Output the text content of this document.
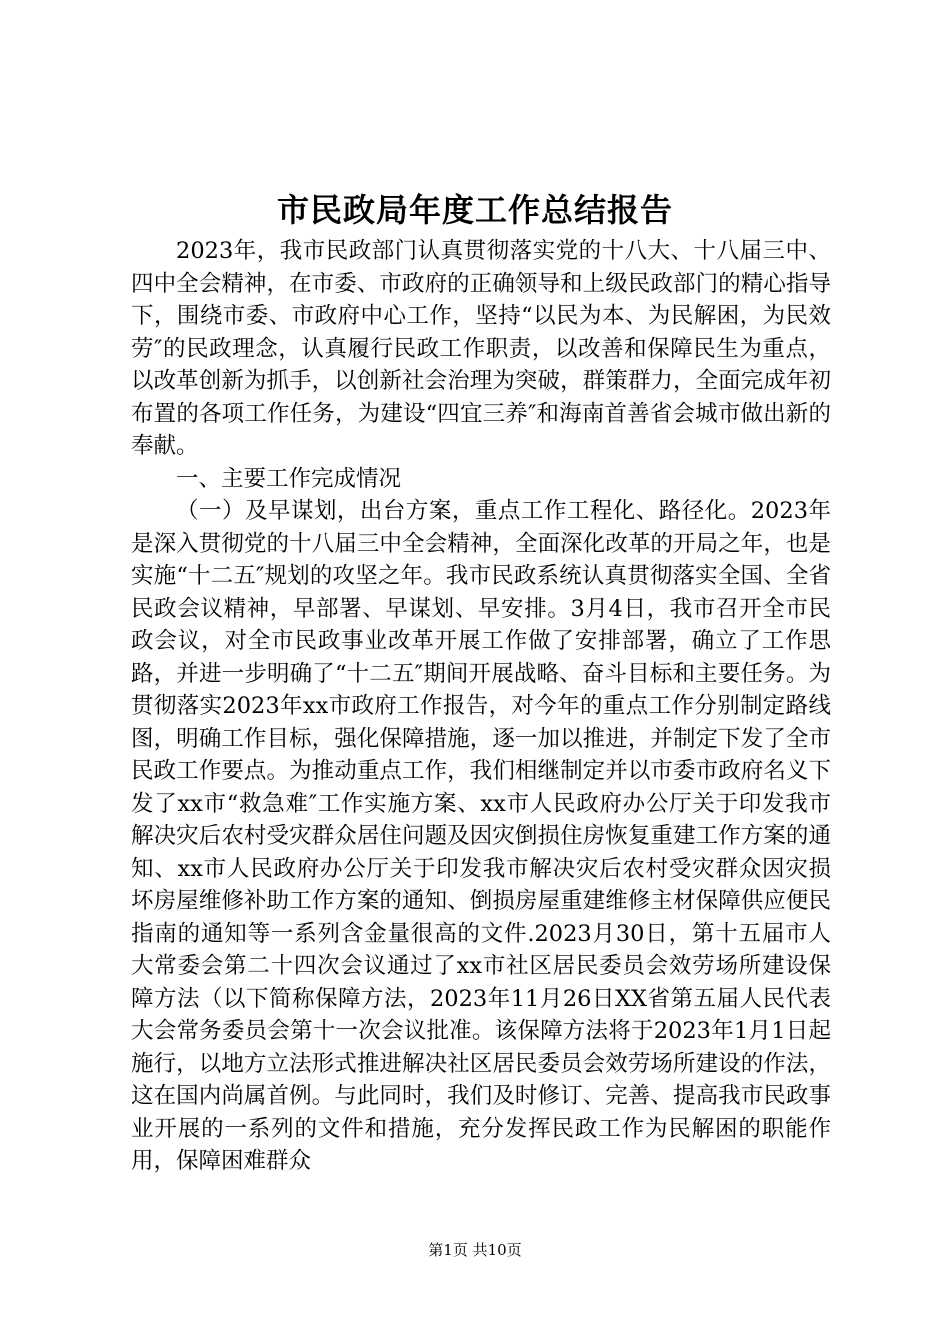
市民政局年度工作总结报告

2023年，我市民政部门认真贯彻落实党的十八大、十八届三中、四中全会精神，在市委、市政府的正确领导和上级民政部门的精心指导下，围绕市委、市政府中心工作，坚持“以民为本、为民解困，为民效劳″的民政理念，认真履行民政工作职责，以改善和保障民生为重点，以改革创新为抓手，以创新社会治理为突破，群策群力，全面完成年初布置的各项工作任务，为建设“四宜三养″和海南首善省会城市做出新的奉献。

一、主要工作完成情况

（一）及早谋划，出台方案，重点工作工程化、路径化。2023年是深入贯彻党的十八届三中全会精神，全面深化改革的开局之年，也是实施“十二五″规划的攻坚之年。我市民政系统认真贯彻落实全国、全省民政会议精神，早部署、早谋划、早安排。3月4日，我市召开全市民政会议，对全市民政事业改革开展工作做了安排部署，确立了工作思路，并进一步明确了“十二五″期间开展战略、奋斗目标和主要任务。为贯彻落实2023年xx市政府工作报告，对今年的重点工作分别制定路线图，明确工作目标，强化保障措施，逐一加以推进，并制定下发了全市民政工作要点。为推动重点工作，我们相继制定并以市委市政府名义下发了xx市“救急难″工作实施方案、xx市人民政府办公厅关于印发我市解决灾后农村受灾群众居住问题及因灾倒损住房恢复重建工作方案的通知、xx市人民政府办公厅关于印发我市解决灾后农村受灾群众因灾损坏房屋维修补助工作方案的通知、倒损房屋重建维修主材保障供应便民指南的通知等一系列含金量很高的文件.2023月30日，第十五届市人大常委会第二十四次会议通过了xx市社区居民委员会效劳场所建设保障方法（以下简称保障方法，2023年11月26日XX省第五届人民代表大会常务委员会第十一次会议批准。该保障方法将于2023年1月1日起施行，以地方立法形式推进解决社区居民委员会效劳场所建设的作法，这在国内尚属首例。与此同时，我们及时修订、完善、提高我市民政事业开展的一系列的文件和措施，充分发挥民政工作为民解困的职能作用，保障困难群众

第1页 共10页
